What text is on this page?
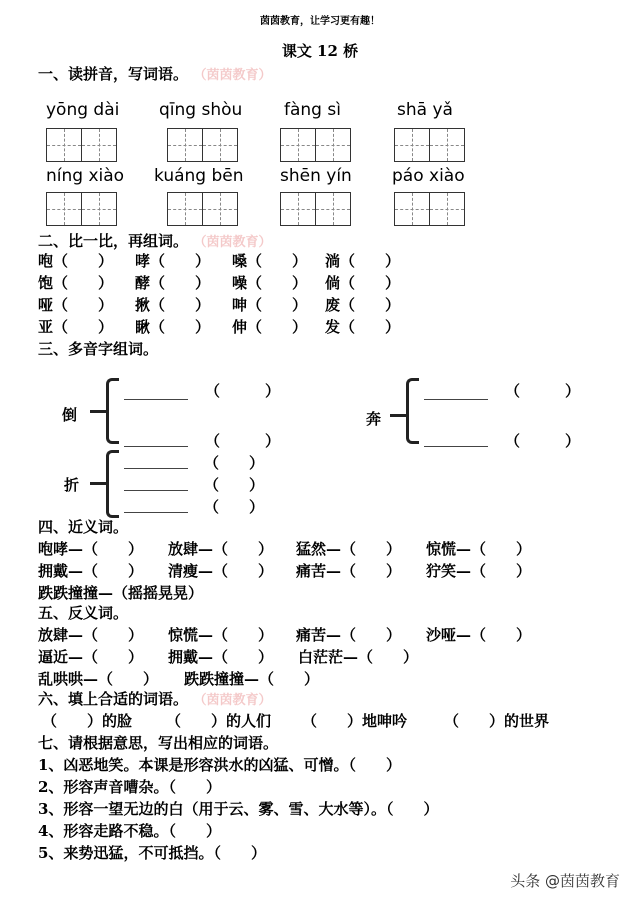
茵茵教育，让学习更有趣！
课文 12 桥
一、读拼音，写词语。 （茵茵教育）
yōng dài qīng shòu fàng sì	shā yǎ
níng xiào kuáng bēn shēn yín páo xiào
二、比一比，再组词。 （茵茵教育）
咆（　　） 哮（　　） 嗓（　　） 淌（　　）
饱（　　） 酵（　　） 噪（　　） 倘（　　）
哑（　　） 揪（　　） 呻（　　） 废（　　）
亚（　　） 瞅（　　） 伸（　　） 发（　　）
三、多音字组词。
倒
（　　　）
（　　　）
奔
（　　　）
（　　　）
折
（　　）
（　　）
（　　）
四、近义词。
咆哮—（　　） 放肆—（　　） 猛然—（　　） 惊慌—（　　）
拥戴—（　　） 清瘦—（　　） 痛苦—（　　） 狞笑—（　　）
跌跌撞撞—（摇摇晃晃）
五、反义词。
放肆—（　　） 惊慌—（　　） 痛苦—（　　） 沙哑—（　　）
逼近—（　　） 拥戴—（　　） 白茫茫—（　　）
乱哄哄—（　　） 跌跌撞撞—（　　）
六、填上合适的词语。 （茵茵教育）
（　　）的脸 （　　）的人们 （　　）地呻吟 （　　）的世界
七、请根据意思，写出相应的词语。
1、凶恶地笑。本课是形容洪水的凶猛、可憎。（　　）
2、形容声音嘈杂。（　　）
3、形容一望无边的白（用于云、雾、雪、大水等）。（　　）
4、形容走路不稳。（　　）
5、来势迅猛，不可抵挡。（　　）
头条 @茵茵教育
